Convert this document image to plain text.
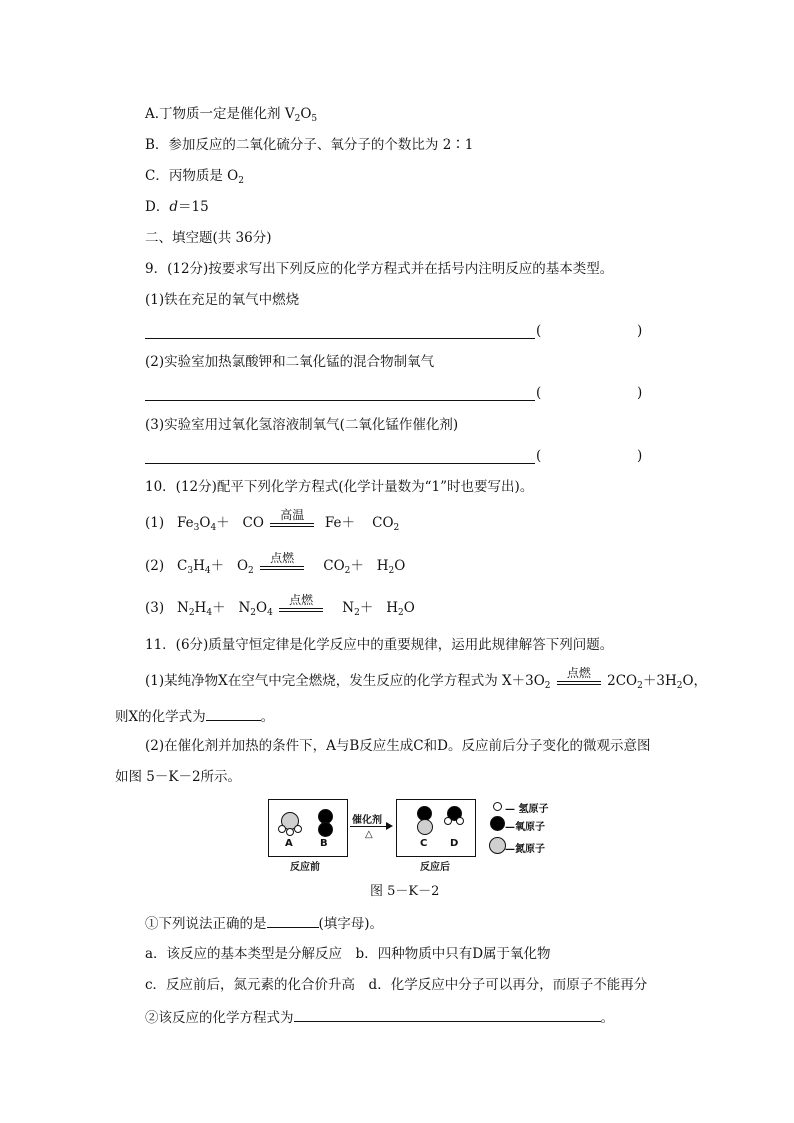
A.丁物质一定是催化剂 $V_2O_5$
B．参加反应的二氧化硫分子、氧分子的个数比为 2∶1
C．丙物质是 $O_2$
D．d＝15
二、填空题(共 36分)
9．(12分)按要求写出下列反应的化学方程式并在括号内注明反应的基本类型。
(1)铁在充足的氧气中燃烧
(	)
(2)实验室加热氯酸钾和二氧化锰的混合物制氧气
(	)
(3)实验室用过氧化氢溶液制氧气(二氧化锰作催化剂)
(	)
10．(12分)配平下列化学方程式(化学计量数为“1”时也要写出)。
(1) $Fe_3O_4+$ CO	高温	$Fe+ CO_2$
(2) $C_3H_4+ O_2$
点燃	$CO_2+ H_2O$
(3) $N_2H_4+ N_2O_4$
点燃	$N_2+ H_2O$
11．(6分)质量守恒定律是化学反应中的重要规律，运用此规律解答下列问题。
(1)某纯净物X在空气中完全燃烧，发生反应的化学方程式为 $X+3O_2$
点燃	$2CO_2+3H_2O$，
则X的化学式为	。
(2)在催化剂并加热的条件下，A与B反应生成C和D。反应前后分子变化的微观示意图
如图 5－K－2所示。
A	B
反应前
催化剂
△
C D
反应后
— 氢原子
—氧原子
—氮原子
图 5－K－2
①下列说法正确的是	(填字母)。
a．该反应的基本类型是分解反应　b．四种物质中只有D属于氧化物
c．反应前后，氮元素的化合价升高　d．化学反应中分子可以再分，而原子不能再分
②该反应的化学方程式为	。
